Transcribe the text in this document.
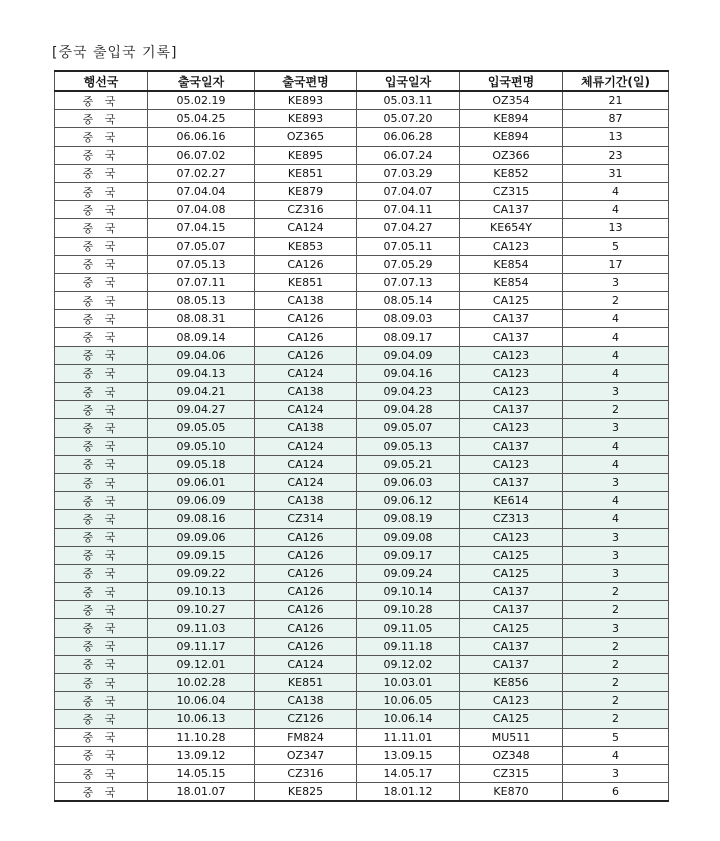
[중국 출입국 기록]
행선국	출국일자	출국편명	입국일자	입국편명	체류기간(일)
중 국	05.02.19	KE893	05.03.11	OZ354	21
중 국	05.04.25	KE893	05.07.20	KE894	87
중 국	06.06.16	OZ365	06.06.28	KE894	13
중 국	06.07.02	KE895	06.07.24	OZ366	23
중 국	07.02.27	KE851	07.03.29	KE852	31
중 국	07.04.04	KE879	07.04.07	CZ315	4
중 국	07.04.08	CZ316	07.04.11	CA137	4
중 국	07.04.15	CA124	07.04.27	KE654Y	13
중 국	07.05.07	KE853	07.05.11	CA123	5
중 국	07.05.13	CA126	07.05.29	KE854	17
중 국	07.07.11	KE851	07.07.13	KE854	3
중 국	08.05.13	CA138	08.05.14	CA125	2
중 국	08.08.31	CA126	08.09.03	CA137	4
중 국	08.09.14	CA126	08.09.17	CA137	4
중 국	09.04.06	CA126	09.04.09	CA123	4
중 국	09.04.13	CA124	09.04.16	CA123	4
중 국	09.04.21	CA138	09.04.23	CA123	3
중 국	09.04.27	CA124	09.04.28	CA137	2
중 국	09.05.05	CA138	09.05.07	CA123	3
중 국	09.05.10	CA124	09.05.13	CA137	4
중 국	09.05.18	CA124	09.05.21	CA123	4
중 국	09.06.01	CA124	09.06.03	CA137	3
중 국	09.06.09	CA138	09.06.12	KE614	4
중 국	09.08.16	CZ314	09.08.19	CZ313	4
중 국	09.09.06	CA126	09.09.08	CA123	3
중 국	09.09.15	CA126	09.09.17	CA125	3
중 국	09.09.22	CA126	09.09.24	CA125	3
중 국	09.10.13	CA126	09.10.14	CA137	2
중 국	09.10.27	CA126	09.10.28	CA137	2
중 국	09.11.03	CA126	09.11.05	CA125	3
중 국	09.11.17	CA126	09.11.18	CA137	2
중 국	09.12.01	CA124	09.12.02	CA137	2
중 국	10.02.28	KE851	10.03.01	KE856	2
중 국	10.06.04	CA138	10.06.05	CA123	2
중 국	10.06.13	CZ126	10.06.14	CA125	2
중 국	11.10.28	FM824	11.11.01	MU511	5
중 국	13.09.12	OZ347	13.09.15	OZ348	4
중 국	14.05.15	CZ316	14.05.17	CZ315	3
중 국	18.01.07	KE825	18.01.12	KE870	6
